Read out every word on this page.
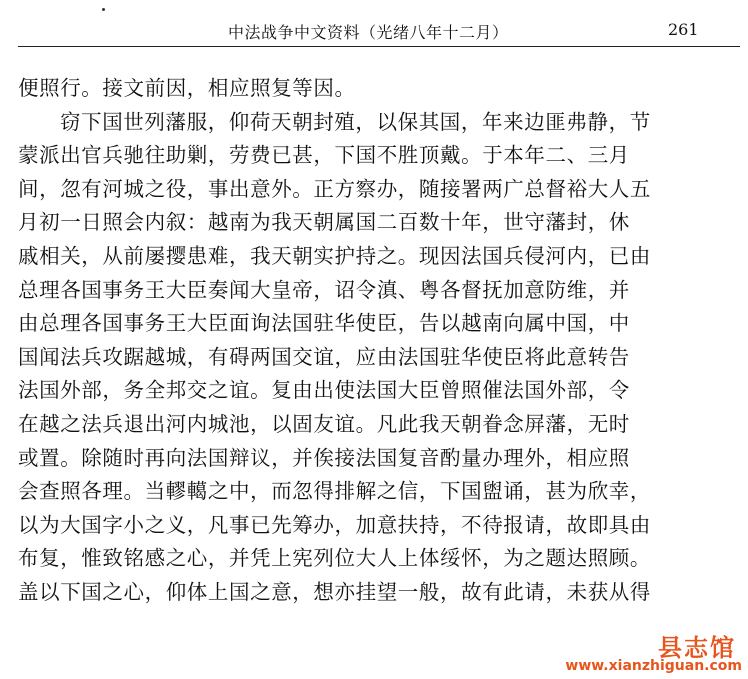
中法战争中文资料（光绪八年十二月）	261
便照行。接文前因，相应照复等因。
窃下国世列藩服，仰荷天朝封殖，以保其国，年来边匪弗静，节
蒙派出官兵驰往助剿，劳费已甚，下国不胜顶戴。于本年二、三月
间，忽有河城之役，事出意外。正方察办，随接署两广总督裕大人五
月初一日照会内叙：越南为我天朝属国二百数十年，世守藩封，休
戚相关，从前屡撄患难，我天朝实护持之。现因法国兵侵河内，已由
总理各国事务王大臣奏闻大皇帝，诏令滇、粤各督抚加意防维，并
由总理各国事务王大臣面询法国驻华使臣，告以越南向属中国，中
国闻法兵攻踞越城，有碍两国交谊，应由法国驻华使臣将此意转告
法国外部，务全邦交之谊。复由出使法国大臣曾照催法国外部，令
在越之法兵退出河内城池，以固友谊。凡此我天朝眷念屏藩，无时
或置。除随时再向法国辩议，并俟接法国复音酌量办理外，相应照
会查照各理。当轇轕之中，而忽得排解之信，下国盥诵，甚为欣幸，
以为大国字小之义，凡事已先筹办，加意扶持，不待报请，故即具由
布复，惟致铭感之心，并凭上宪列位大人上体绥怀，为之题达照顾。
盖以下国之心，仰体上国之意，想亦挂望一般，故有此请，未获从得
县志馆
www.xianzhiguan.com
